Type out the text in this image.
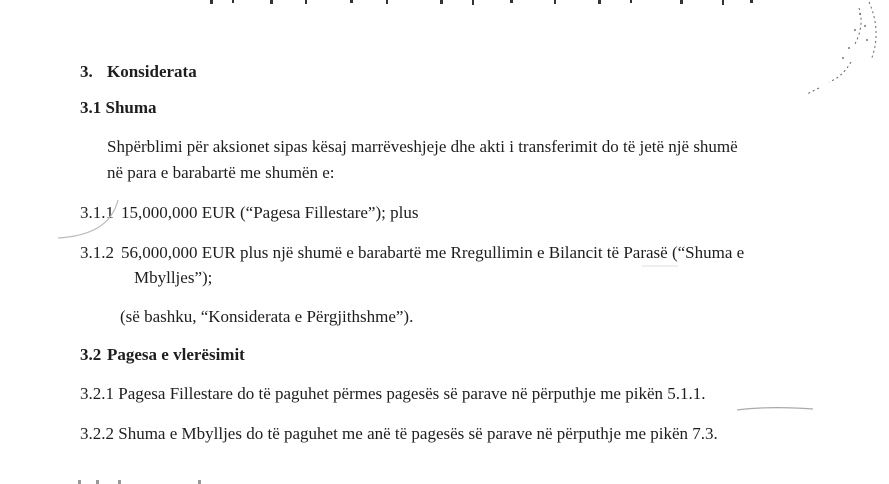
3. Konsiderata
3.1 Shuma
Shpërblimi për aksionet sipas kësaj marrëveshjeje dhe akti i transferimit do të jetë një shumë
në para e barabartë me shumën e:
3.1.1 15,000,000 EUR (“Pagesa Fillestare”); plus
3.1.2 56,000,000 EUR plus një shumë e barabartë me Rregullimin e Bilancit të Parasë (“Shuma e
Mbylljes”);
(së bashku, “Konsiderata e Përgjithshme”).
3.2 Pagesa e vlerësimit
3.2.1 Pagesa Fillestare do të paguhet përmes pagesës së parave në përputhje me pikën 5.1.1.
3.2.2 Shuma e Mbylljes do të paguhet me anë të pagesës së parave në përputhje me pikën 7.3.
